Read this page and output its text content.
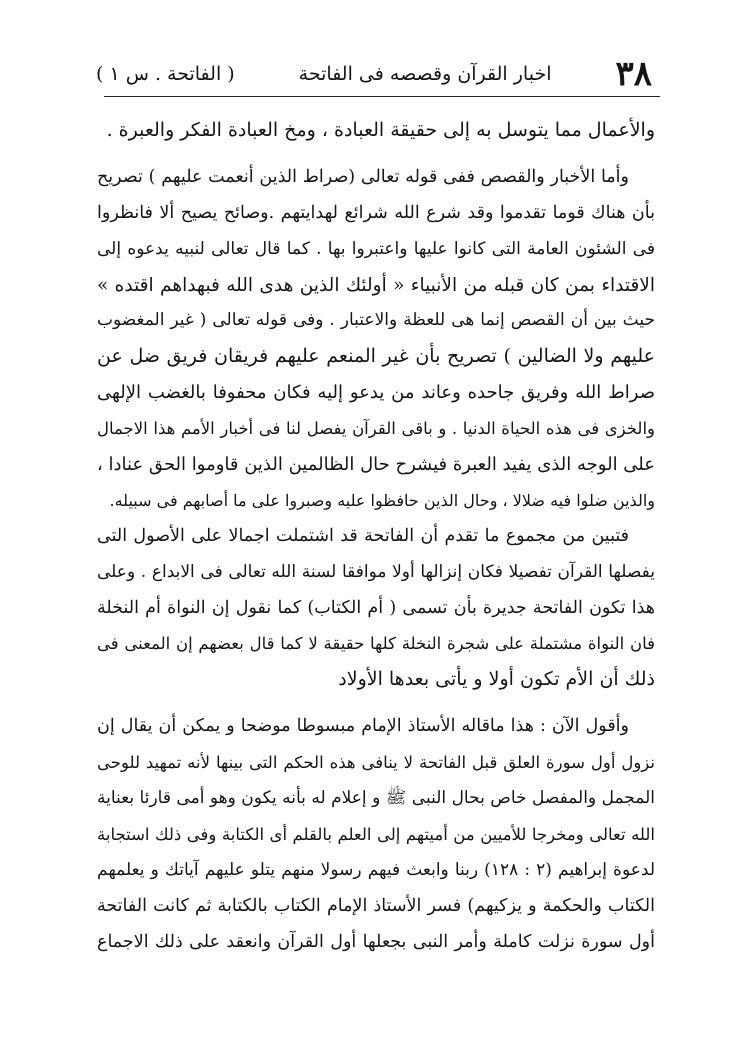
٣٨
اخبار القرآن وقصصه فى الفاتحة
( الفاتحة . س ١ )
والأعمال مما يتوسل به إلى حقيقة العبادة ، ومخ العبادة الفكر والعبرة .
وأما الأخبار والقصص ففى قوله تعالى (صراط الذين أنعمت عليهم ) تصريح
بأن هناك قوما تقدموا وقد شرع الله شرائع لهدايتهم .وصائح يصيح ألا فانظروا
فى الشئون العامة التى كانوا عليها واعتبروا بها . كما قال تعالى لنبيه يدعوه إلى
الاقتداء بمن كان قبله من الأنبياء « أولئك الذين هدى الله فبهداهم اقتده »
حيث بين أن القصص إنما هى للعظة والاعتبار . وفى قوله تعالى ( غير المغضوب
عليهم ولا الضالين ) تصريح بأن غير المنعم عليهم فريقان فريق ضل عن
صراط الله وفريق جاحده وعاند من يدعو إليه فكان محفوفا بالغضب الإلهى
والخزى فى هذه الحياة الدنيا . و باقى القرآن يفصل لنا فى أخبار الأمم هذا الاجمال
على الوجه الذى يفيد العبرة فيشرح حال الظالمين الذين قاوموا الحق عنادا ،
والذين ضلوا فيه ضلالا ، وحال الذين حافظوا عليه وصبروا على ما أصابهم فى سبيله.
فتبين من مجموع ما تقدم أن الفاتحة قد اشتملت اجمالا على الأصول التى
يفصلها القرآن تفصيلا فكان إنزالها أولا موافقا لسنة الله تعالى فى الابداع . وعلى
هذا تكون الفاتحة جديرة بأن تسمى ( أم الكتاب) كما نقول إن النواة أم النخلة
فان النواة مشتملة على شجرة النخلة كلها حقيقة لا كما قال بعضهم إن المعنى فى
ذلك أن الأم تكون أولا و يأتى بعدها الأولاد
وأقول الآن : هذا ماقاله الأستاذ الإمام مبسوطا موضحا و يمكن أن يقال إن
نزول أول سورة العلق قبل الفاتحة لا ينافى هذه الحكم التى بينها لأنه تمهيد للوحى
المجمل والمفصل خاص بحال النبى ﷺ و إعلام له بأنه يكون وهو أمى قارئا بعناية
الله تعالى ومخرجا للأميين من أميتهم إلى العلم بالقلم أى الكتابة وفى ذلك استجابة
لدعوة إبراهيم (٢ : ١٢٨) ربنا وابعث فيهم رسولا منهم يتلو عليهم آياتك و يعلمهم
الكتاب والحكمة و يزكيهم) فسر الأستاذ الإمام الكتاب بالكتابة ثم كانت الفاتحة
أول سورة نزلت كاملة وأمر النبى بجعلها أول القرآن وانعقد على ذلك الاجماع
